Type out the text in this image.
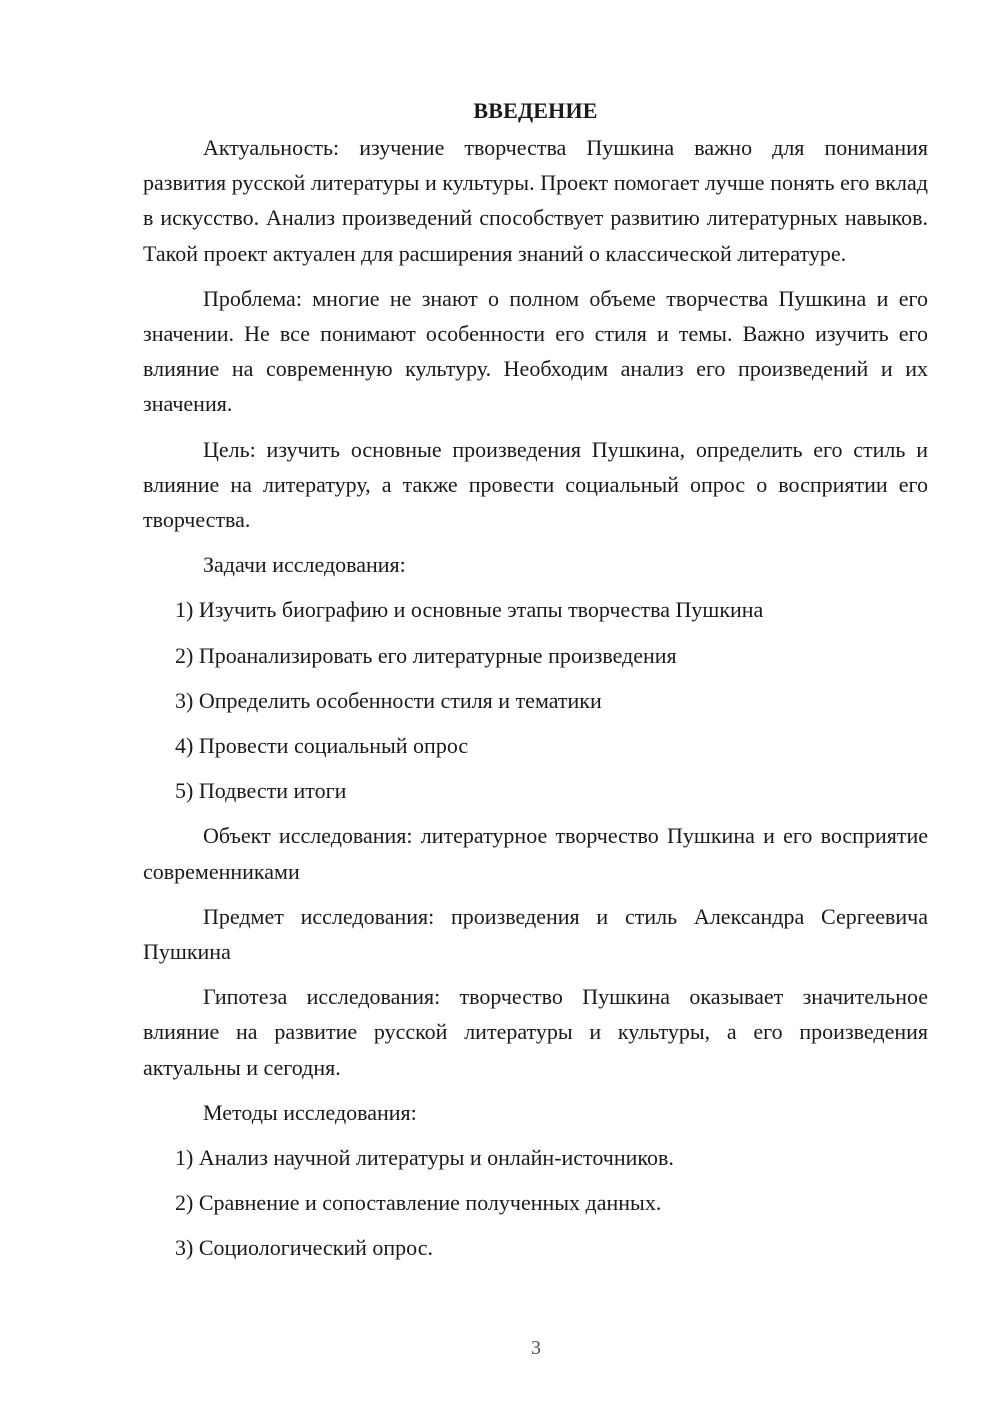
ВВЕДЕНИЕ

Актуальность: изучение творчества Пушкина важно для понимания развития русской литературы и культуры. Проект помогает лучше понять его вклад в искусство. Анализ произведений способствует развитию литературных навыков. Такой проект актуален для расширения знаний о классической литературе.

Проблема: многие не знают о полном объеме творчества Пушкина и его значении. Не все понимают особенности его стиля и темы. Важно изучить его влияние на современную культуру. Необходим анализ его произведений и их значения.

Цель: изучить основные произведения Пушкина, определить его стиль и влияние на литературу, а также провести социальный опрос о восприятии его творчества.

Задачи исследования:

1) Изучить биографию и основные этапы творчества Пушкина
2) Проанализировать его литературные произведения
3) Определить особенности стиля и тематики
4) Провести социальный опрос
5) Подвести итоги

Объект исследования: литературное творчество Пушкина и его восприятие современниками

Предмет исследования: произведения и стиль Александра Сергеевича Пушкина

Гипотеза исследования: творчество Пушкина оказывает значительное влияние на развитие русской литературы и культуры, а его произведения актуальны и сегодня.

Методы исследования:

1) Анализ научной литературы и онлайн-источников.
2) Сравнение и сопоставление полученных данных.
3) Социологический опрос.
3
